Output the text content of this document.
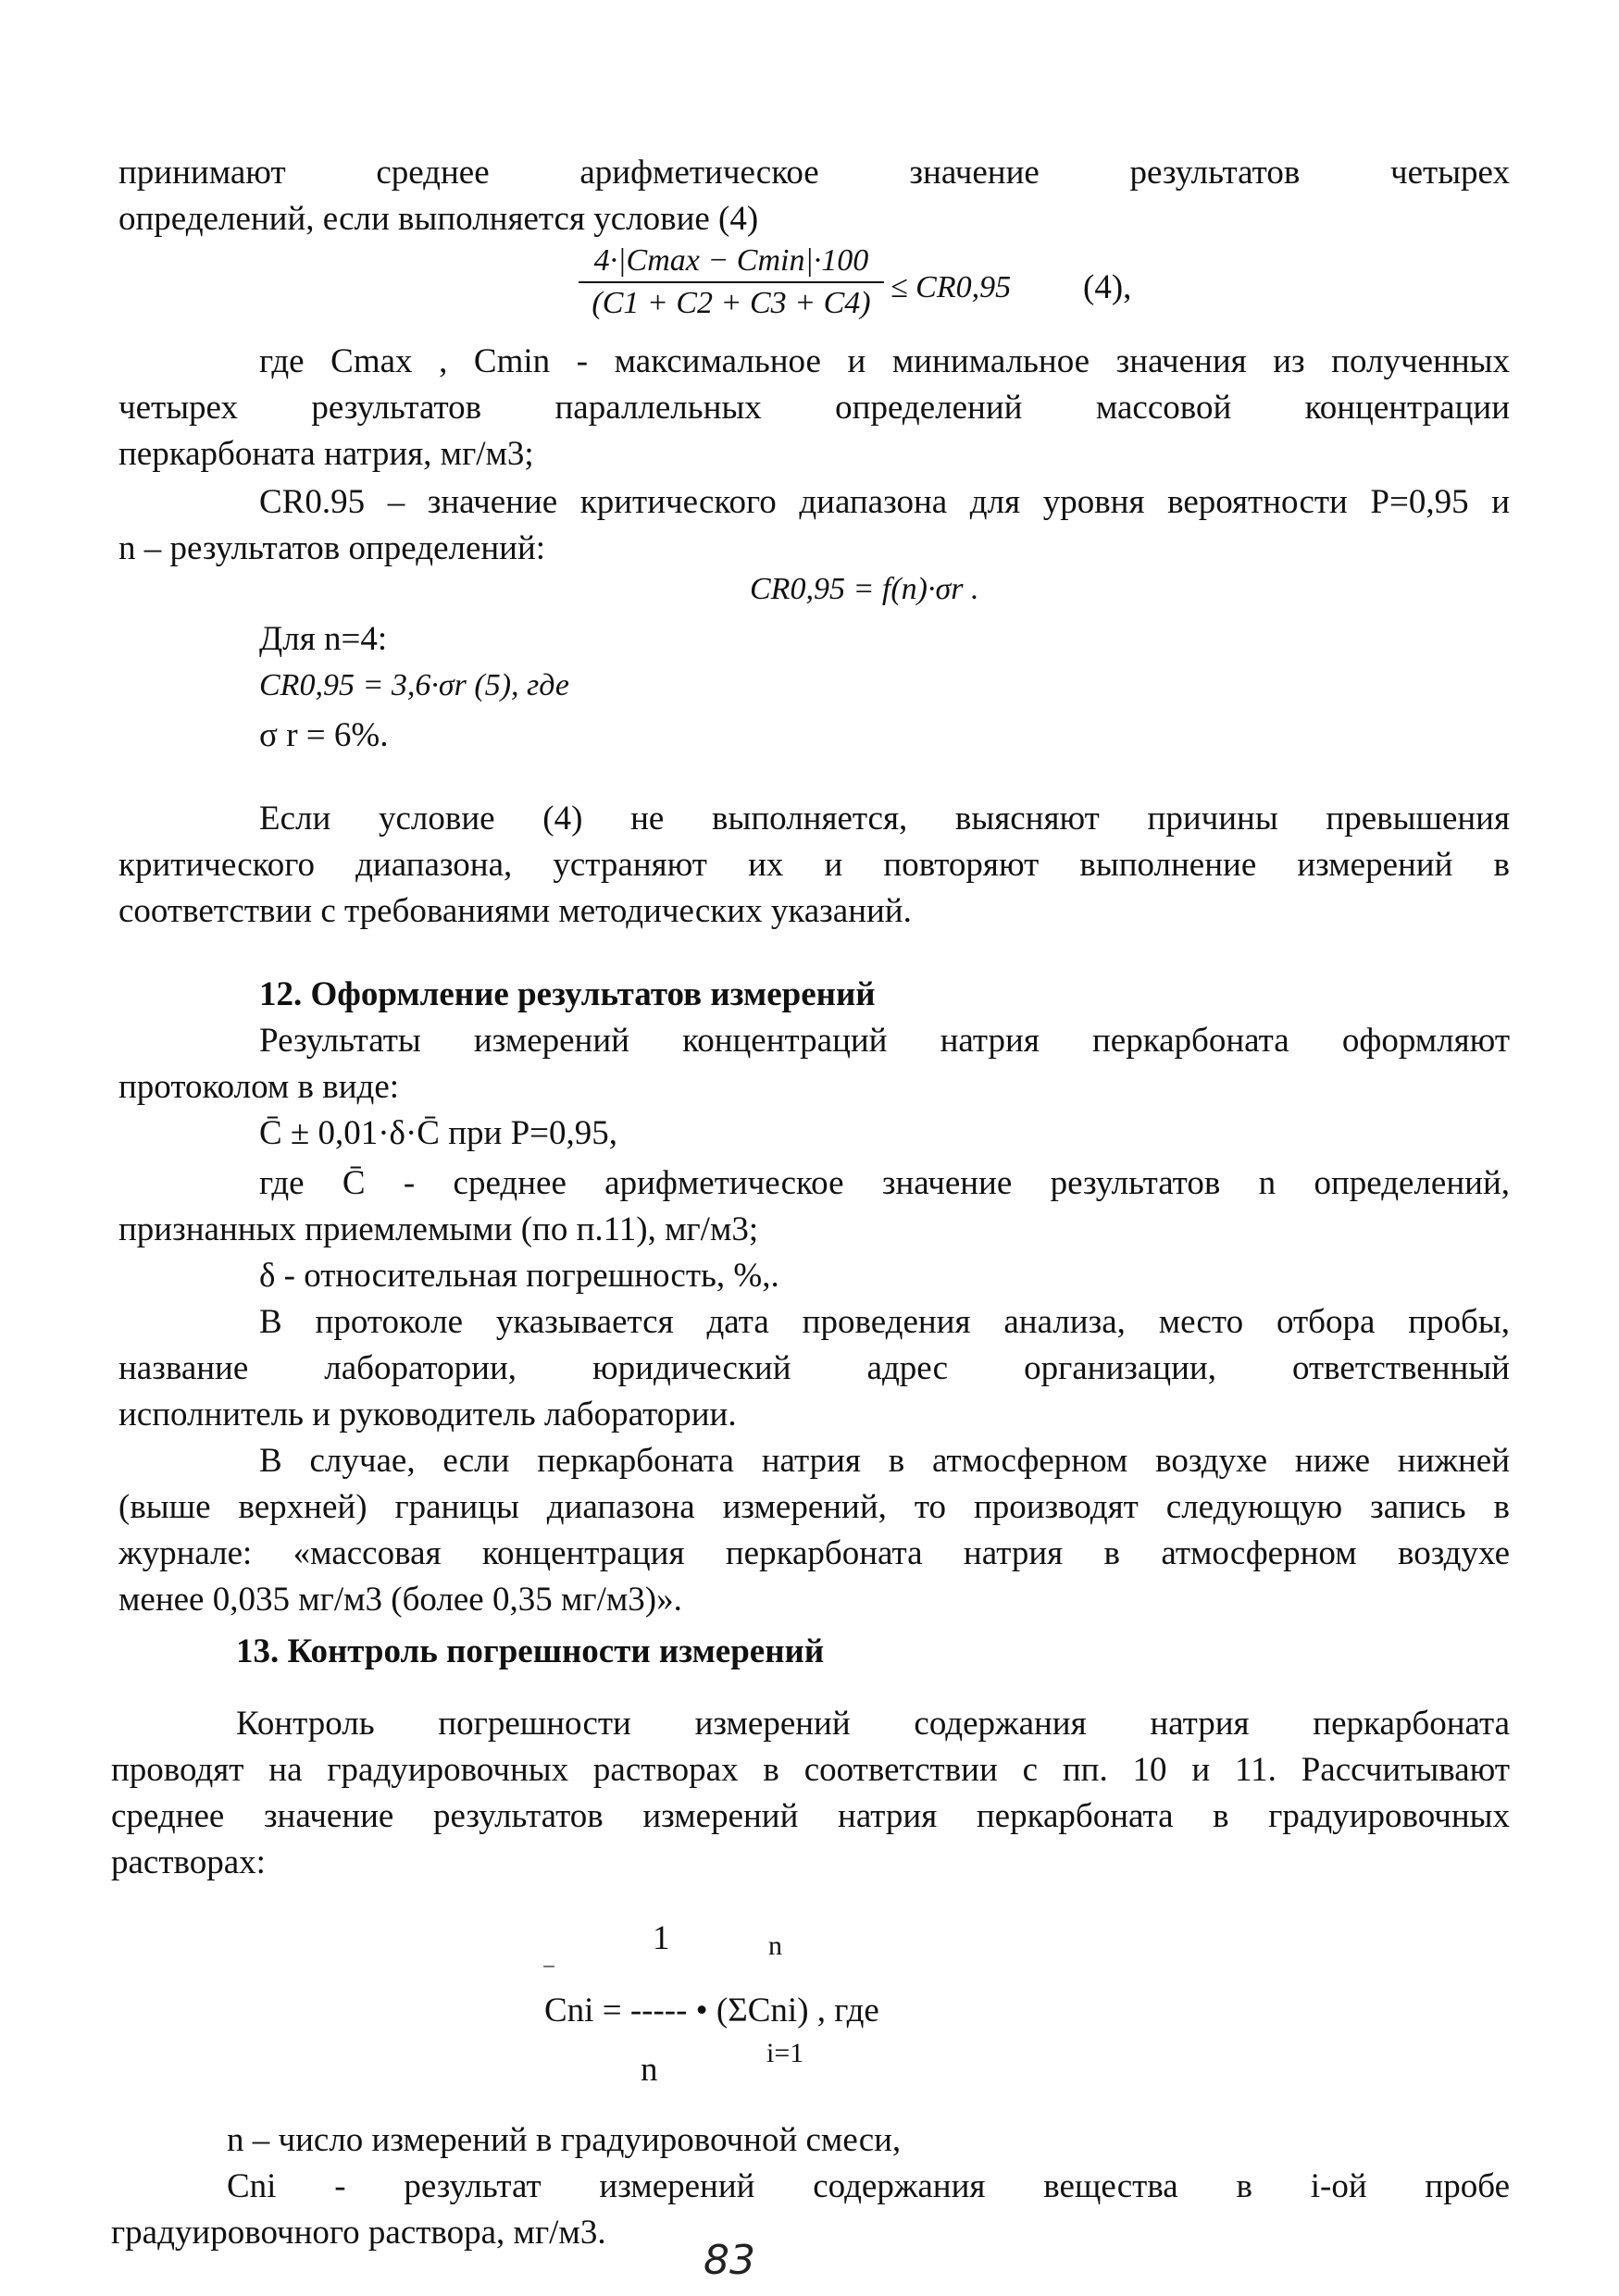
принимают среднее арифметическое значение результатов четырех
определений, если выполняется условие (4)
4·|Cmax − Cmin|·100
(C1 + C2 + C3 + C4) ≤ CR0,95 (4),
где Cmax , Cmin - максимальное и минимальное значения из полученных
четырех результатов параллельных определений массовой концентрации
перкарбоната натрия, мг/м3;
CR0.95 – значение критического диапазона для уровня вероятности Р=0,95 и
n – результатов определений:
CR0,95 = f(n)·σr .
Для n=4:
CR0,95 = 3,6·σr (5), где
σ r = 6%.
Если условие (4) не выполняется, выясняют причины превышения
критического диапазона, устраняют их и повторяют выполнение измерений в
соответствии с требованиями методических указаний.
12. Оформление результатов измерений
Результаты измерений концентраций натрия перкарбоната оформляют
протоколом в виде:
C̄ ± 0,01·δ·C̄ при Р=0,95,
где C̄ - среднее арифметическое значение результатов n определений,
признанных приемлемыми (по п.11), мг/м3;
δ - относительная погрешность, %,.
В протоколе указывается дата проведения анализа, место отбора пробы,
название лаборатории, юридический адрес организации, ответственный
исполнитель и руководитель лаборатории.
В случае, если перкарбоната натрия в атмосферном воздухе ниже нижней
(выше верхней) границы диапазона измерений, то производят следующую запись в
журнале: «массовая концентрация перкарбоната натрия в атмосферном воздухе
менее 0,035 мг/м3 (более 0,35 мг/м3)».
13. Контроль погрешности измерений
Контроль погрешности измерений содержания натрия перкарбоната
проводят на градуировочных растворах в соответствии с пп. 10 и 11. Рассчитывают
среднее значение результатов измерений натрия перкарбоната в градуировочных
растворах:
1	n
‾
Cni = ----- • (ΣCni) , где
n	i=1
n – число измерений в градуировочной смеси,
Cni - результат измерений содержания вещества в i-ой пробе
градуировочного раствора, мг/м3.
83
